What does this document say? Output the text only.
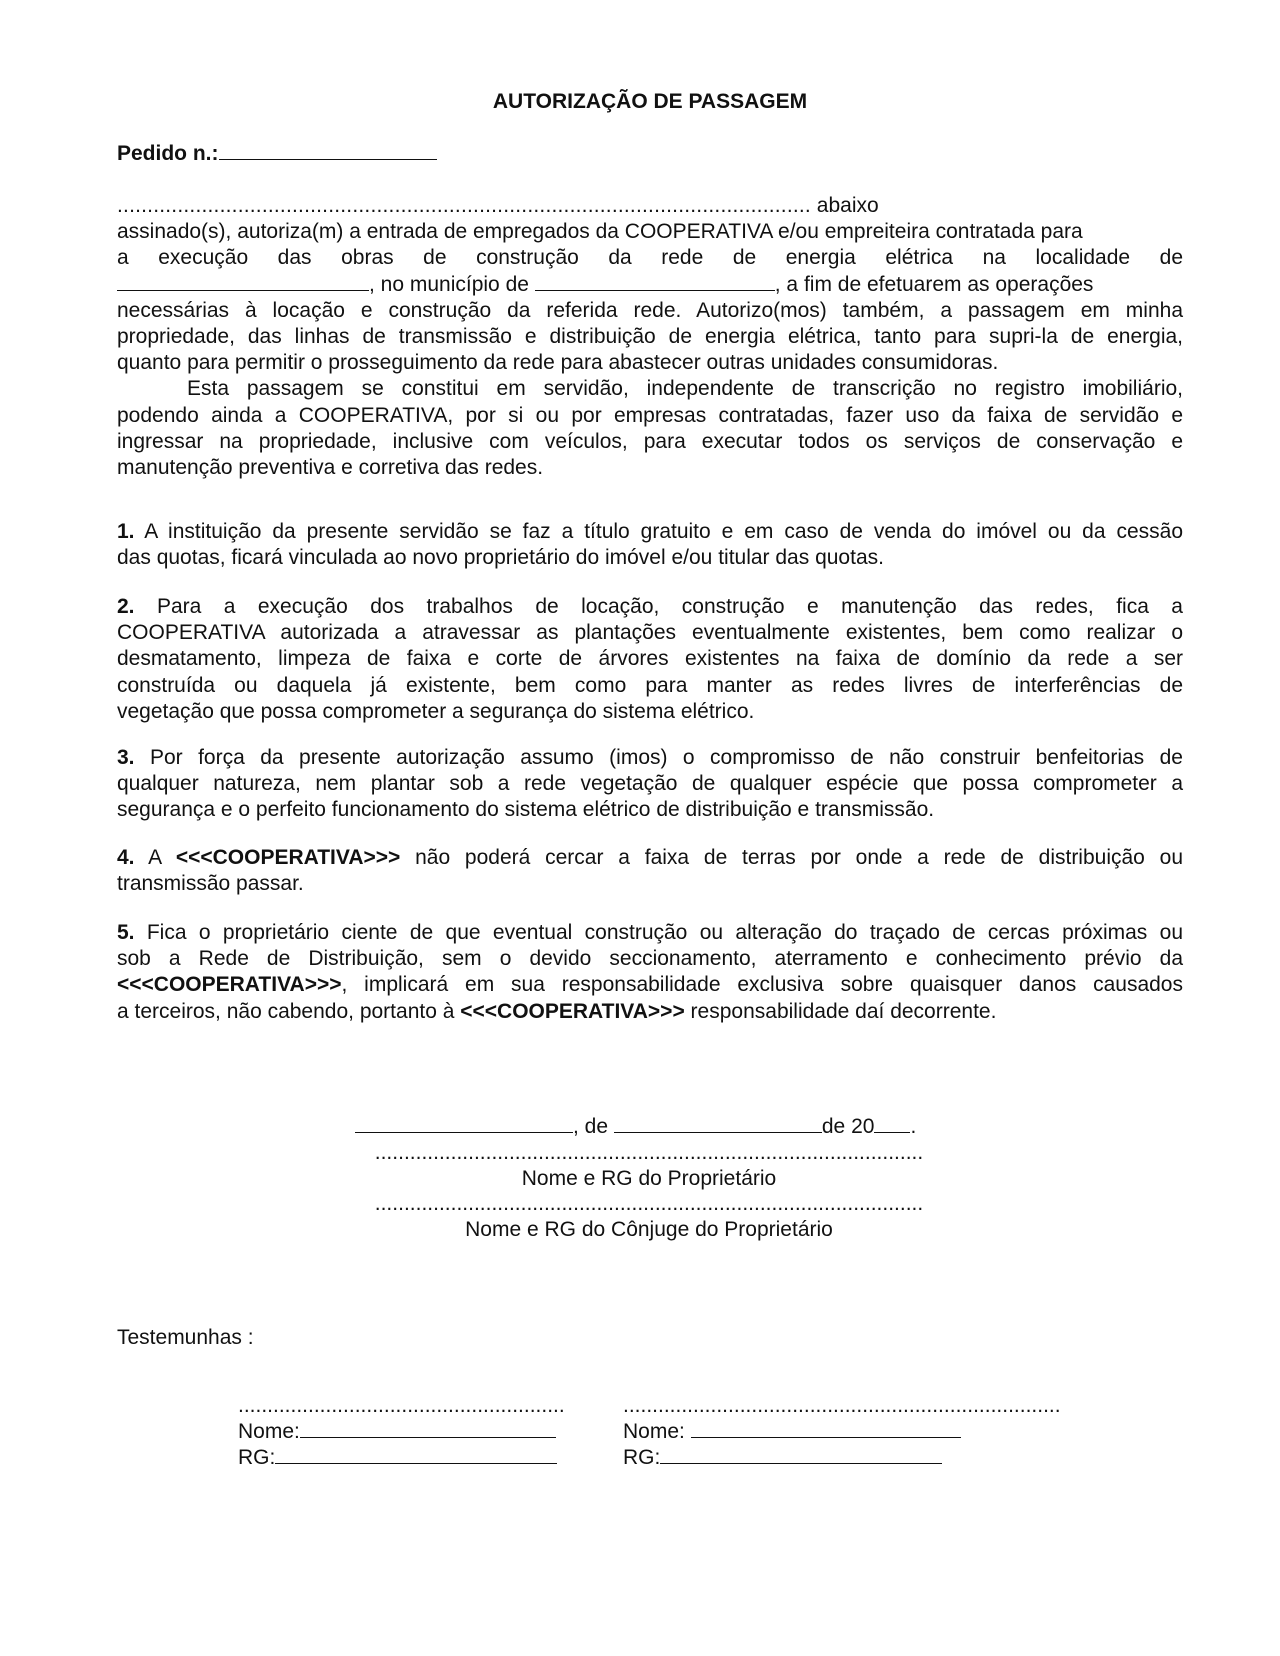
AUTORIZAÇÃO DE PASSAGEM
Pedido n.:
................................................................................................................... abaixo
assinado(s), autoriza(m) a entrada de empregados da COOPERATIVA e/ou empreiteira contratada para
a execução das obras de construção da rede de energia elétrica na localidade de
, no município de	, a fim de efetuarem as operações
necessárias à locação e construção da referida rede. Autorizo(mos) também, a passagem em minha
propriedade, das linhas de transmissão e distribuição de energia elétrica, tanto para supri-la de energia,
quanto para permitir o prosseguimento da rede para abastecer outras unidades consumidoras.
Esta passagem se constitui em servidão, independente de transcrição no registro imobiliário,
podendo ainda a COOPERATIVA, por si ou por empresas contratadas, fazer uso da faixa de servidão e
ingressar na propriedade, inclusive com veículos, para executar todos os serviços de conservação e
manutenção preventiva e corretiva das redes.
1. A instituição da presente servidão se faz a título gratuito e em caso de venda do imóvel ou da cessão
das quotas, ficará vinculada ao novo proprietário do imóvel e/ou titular das quotas.
2. Para a execução dos trabalhos de locação, construção e manutenção das redes, fica a
COOPERATIVA autorizada a atravessar as plantações eventualmente existentes, bem como realizar o
desmatamento, limpeza de faixa e corte de árvores existentes na faixa de domínio da rede a ser
construída ou daquela já existente, bem como para manter as redes livres de interferências de
vegetação que possa comprometer a segurança do sistema elétrico.
3. Por força da presente autorização assumo (imos) o compromisso de não construir benfeitorias de
qualquer natureza, nem plantar sob a rede vegetação de qualquer espécie que possa comprometer a
segurança e o perfeito funcionamento do sistema elétrico de distribuição e transmissão.
4. A <<<COOPERATIVA>>> não poderá cercar a faixa de terras por onde a rede de distribuição ou
transmissão passar.
5. Fica o proprietário ciente de que eventual construção ou alteração do traçado de cercas próximas ou
sob a Rede de Distribuição, sem o devido seccionamento, aterramento e conhecimento prévio da
<<<COOPERATIVA>>>, implicará em sua responsabilidade exclusiva sobre quaisquer danos causados
a terceiros, não cabendo, portanto à <<<COOPERATIVA>>> responsabilidade daí decorrente.
, de	de 20 .
..............................................................................................
Nome e RG do Proprietário
..............................................................................................
Nome e RG do Cônjuge do Proprietário
Testemunhas :
........................................................
Nome:
RG:
...........................................................................
Nome:
RG:
